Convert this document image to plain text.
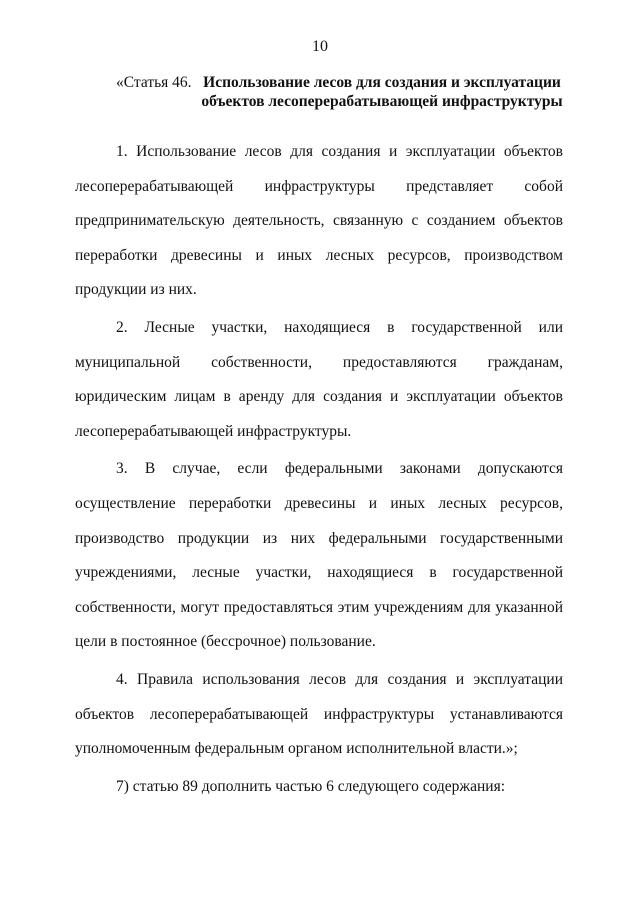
10
«Статья 46. Использование лесов для создания и эксплуатации объектов лесоперерабатывающей инфраструктуры

1. Использование лесов для создания и эксплуатации объектов лесоперерабатывающей инфраструктуры представляет собой предпринимательскую деятельность, связанную с созданием объектов переработки древесины и иных лесных ресурсов, производством продукции из них.

2. Лесные участки, находящиеся в государственной или муниципальной собственности, предоставляются гражданам, юридическим лицам в аренду для создания и эксплуатации объектов лесоперерабатывающей инфраструктуры.

3. В случае, если федеральными законами допускаются осуществление переработки древесины и иных лесных ресурсов, производство продукции из них федеральными государственными учреждениями, лесные участки, находящиеся в государственной собственности, могут предоставляться этим учреждениям для указанной цели в постоянное (бессрочное) пользование.

4. Правила использования лесов для создания и эксплуатации объектов лесоперерабатывающей инфраструктуры устанавливаются уполномоченным федеральным органом исполнительной власти.»;

7) статью 89 дополнить частью 6 следующего содержания:
